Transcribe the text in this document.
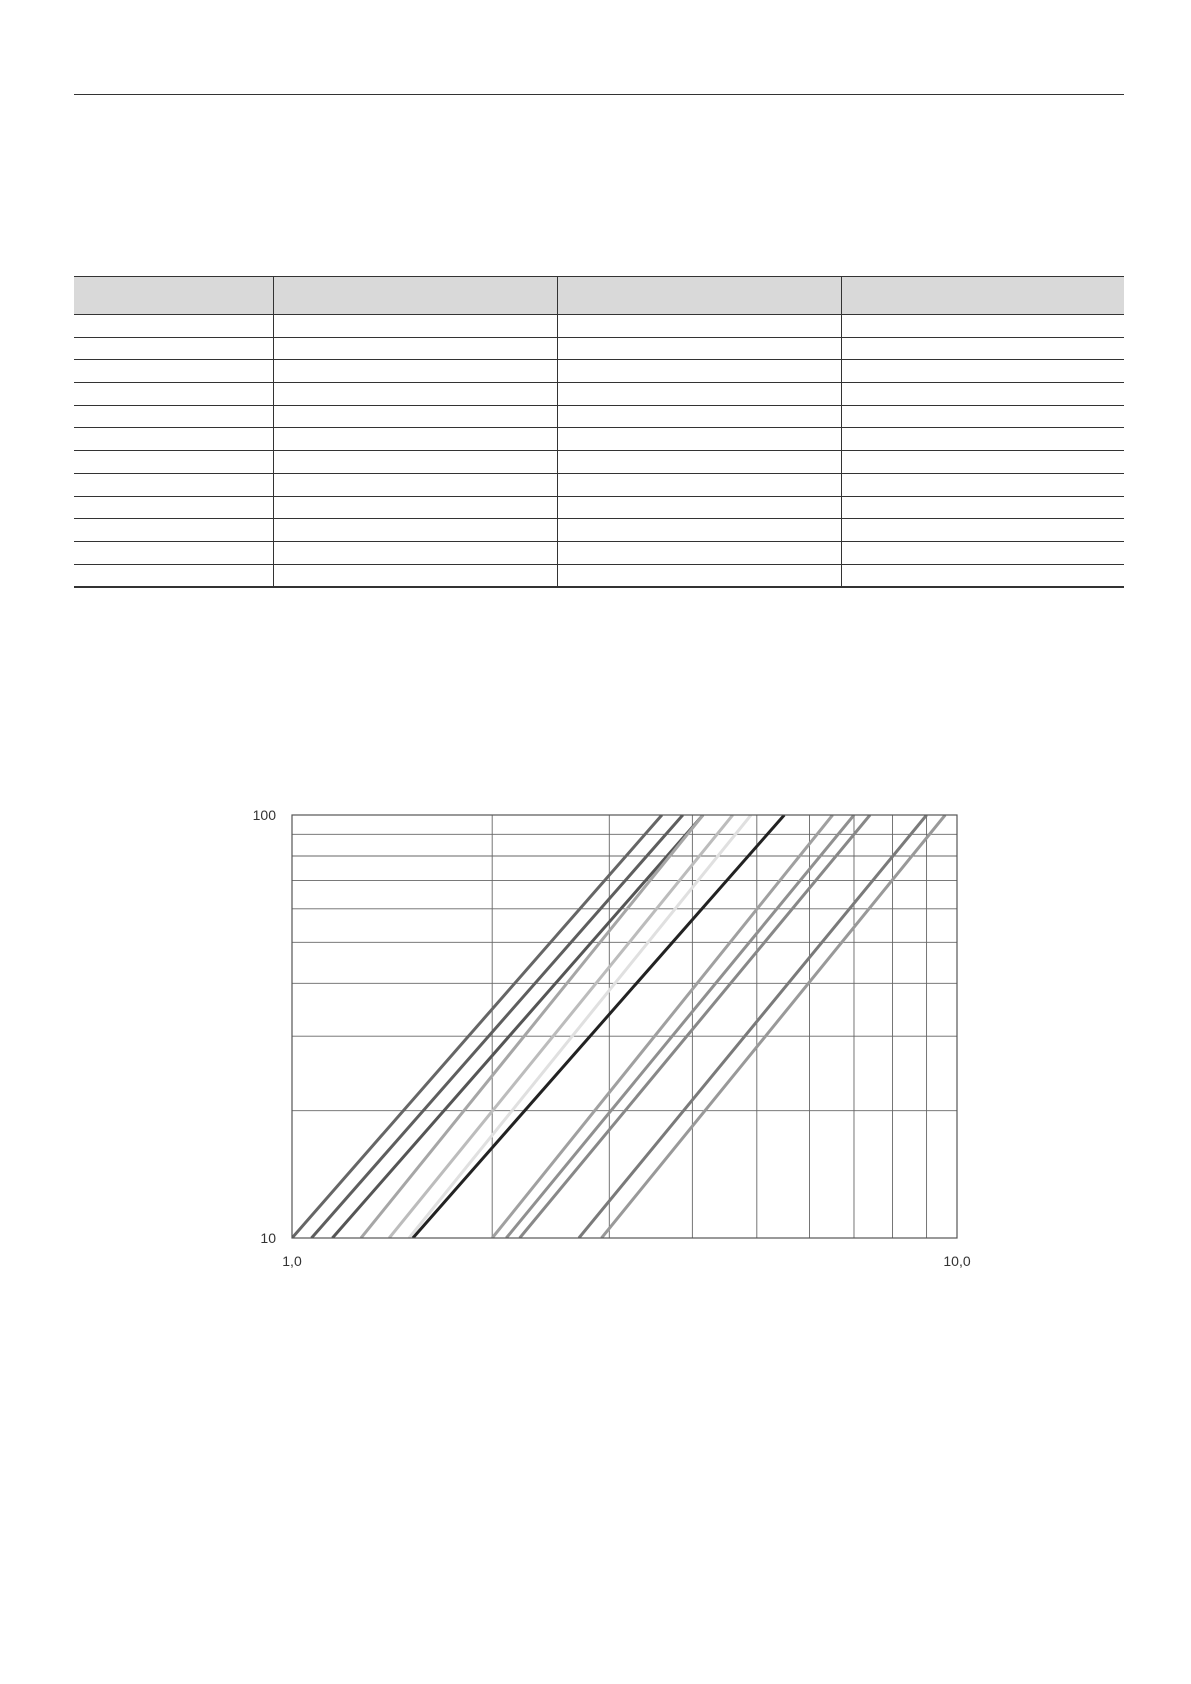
100
10
1,0	10,0
